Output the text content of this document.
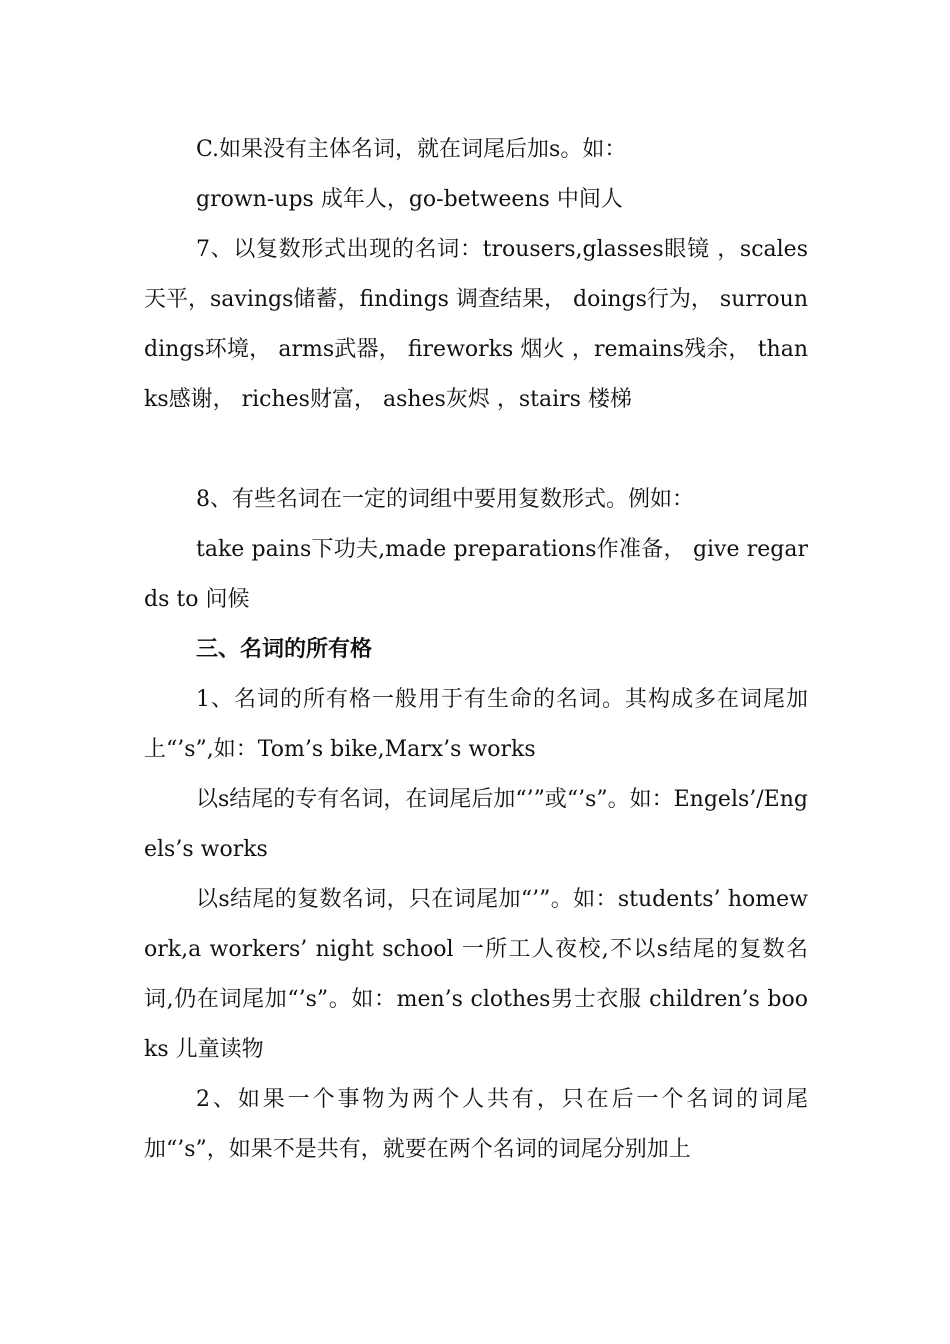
C.如果没有主体名词，就在词尾后加s。如：

grown-ups 成年人，go-betweens 中间人

7、以复数形式出现的名词：trousers,glasses眼镜 ，scales天平，savings储蓄，findings 调查结果， doings行为， surroundings环境， arms武器， fireworks 烟火 ，remains残余， thanks感谢， riches财富， ashes灰烬 ，stairs 楼梯

8、有些名词在一定的词组中要用复数形式。例如：

take pains下功夫,made preparations作准备， give regards to 问候

三、名词的所有格

1、名词的所有格一般用于有生命的名词。其构成多在词尾加上“’s”,如：Tom’s bike,Marx’s works

以s结尾的专有名词，在词尾后加“’”或“’s”。如：Engels’/Engels’s works

以s结尾的复数名词，只在词尾加“’”。如：students’ homework,a workers’ night school 一所工人夜校,不以s结尾的复数名词,仍在词尾加“’s”。如：men’s clothes男士衣服 children’s books 儿童读物

2、如果一个事物为两个人共有，只在后一个名词的词尾加“’s”，如果不是共有，就要在两个名词的词尾分别加上
